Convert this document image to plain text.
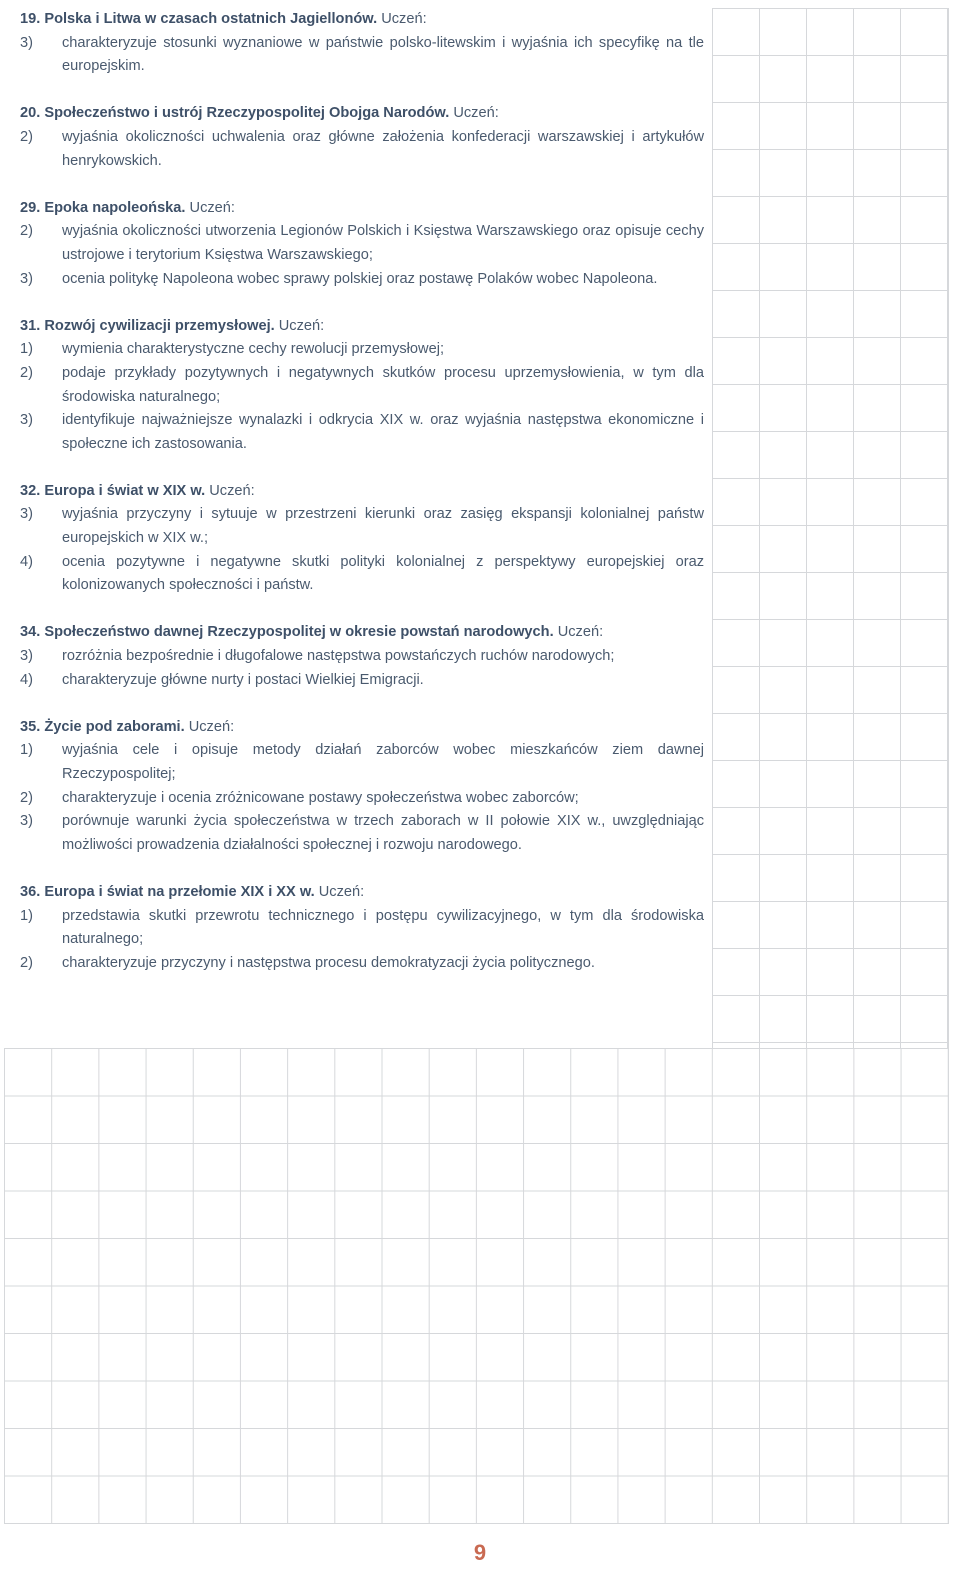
19. Polska i Litwa w czasach ostatnich Jagiellonów. Uczeń:
3)	charakteryzuje stosunki wyznaniowe w państwie polsko-litewskim i wyjaśnia ich specyfikę na tle europejskim.
20. Społeczeństwo i ustrój Rzeczypospolitej Obojga Narodów. Uczeń:
2)	wyjaśnia okoliczności uchwalenia oraz główne założenia konfederacji warszawskiej i artykułów henrykowskich.
29. Epoka napoleońska. Uczeń:
2)	wyjaśnia okoliczności utworzenia Legionów Polskich i Księstwa Warszawskiego oraz opisuje cechy ustrojowe i terytorium Księstwa Warszawskiego;
3)	ocenia politykę Napoleona wobec sprawy polskiej oraz postawę Polaków wobec Napoleona.
31. Rozwój cywilizacji przemysłowej. Uczeń:
1)	wymienia charakterystyczne cechy rewolucji przemysłowej;
2)	podaje przykłady pozytywnych i negatywnych skutków procesu uprzemysłowienia, w tym dla środowiska naturalnego;
3)	identyfikuje najważniejsze wynalazki i odkrycia XIX w. oraz wyjaśnia następstwa ekonomiczne i społeczne ich zastosowania.
32. Europa i świat w XIX w. Uczeń:
3)	wyjaśnia przyczyny i sytuuje w przestrzeni kierunki oraz zasięg ekspansji kolonialnej państw europejskich w XIX w.;
4)	ocenia pozytywne i negatywne skutki polityki kolonialnej z perspektywy europejskiej oraz kolonizowanych społeczności i państw.
34. Społeczeństwo dawnej Rzeczypospolitej w okresie powstań narodowych. Uczeń:
3)	rozróżnia bezpośrednie i długofalowe następstwa powstańczych ruchów narodowych;
4)	charakteryzuje główne nurty i postaci Wielkiej Emigracji.
35. Życie pod zaborami. Uczeń:
1)	wyjaśnia cele i opisuje metody działań zaborców wobec mieszkańców ziem dawnej Rzeczypospolitej;
2)	charakteryzuje i ocenia zróżnicowane postawy społeczeństwa wobec zaborców;
3)	porównuje warunki życia społeczeństwa w trzech zaborach w II połowie XIX w., uwzględniając możliwości prowadzenia działalności społecznej i rozwoju narodowego.
36. Europa i świat na przełomie XIX i XX w. Uczeń:
1)	przedstawia skutki przewrotu technicznego i postępu cywilizacyjnego, w tym dla środowiska naturalnego;
2)	charakteryzuje przyczyny i następstwa procesu demokratyzacji życia politycznego.
9
